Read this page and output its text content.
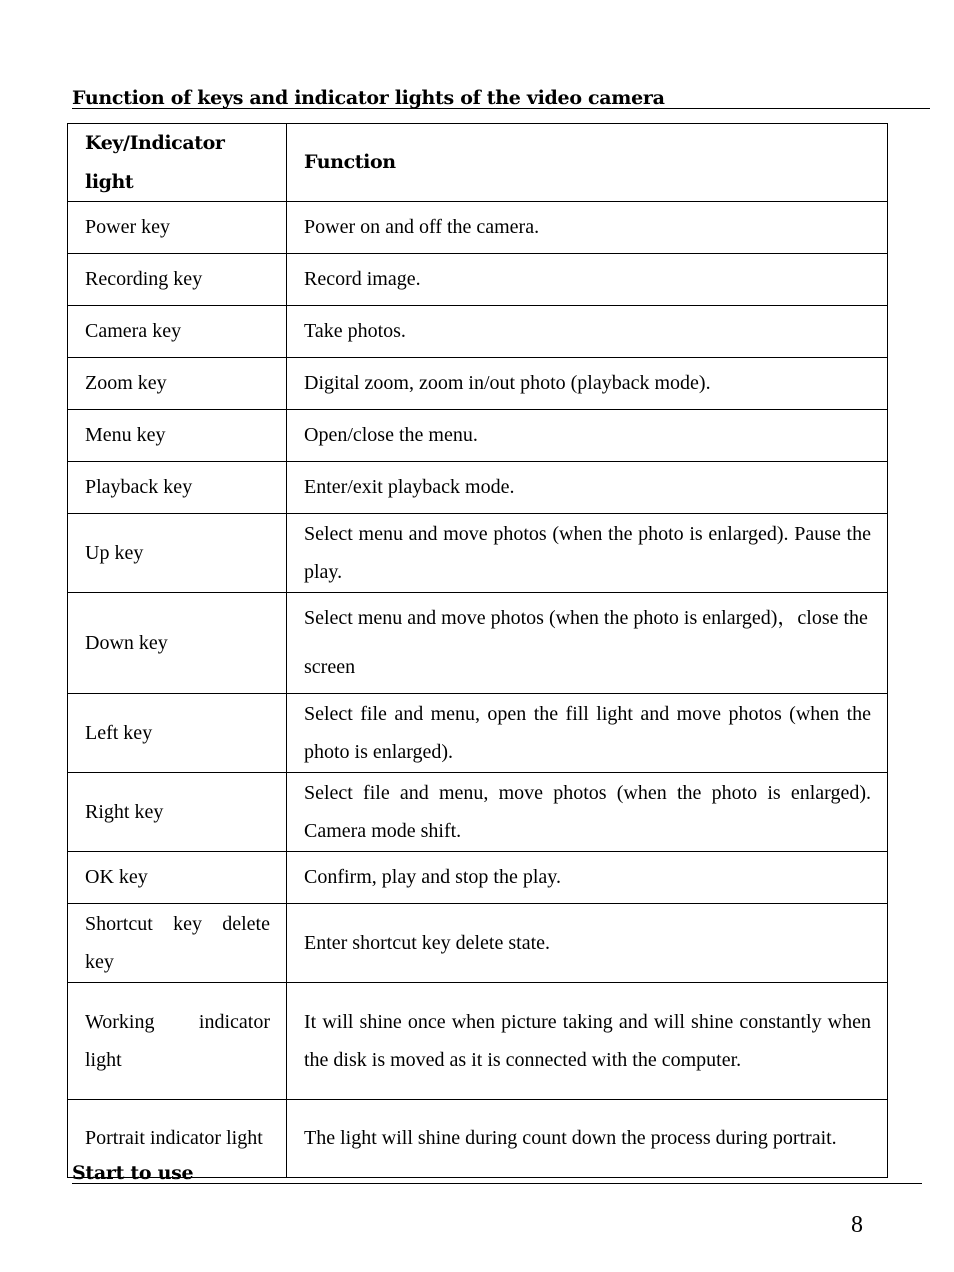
Function of keys and indicator lights of the video camera
Key/Indicator light	Function
Power key	Power on and off the camera.
Recording key	Record image.
Camera key	Take photos.
Zoom key	Digital zoom, zoom in/out photo (playback mode).
Menu key	Open/close the menu.
Playback key	Enter/exit playback mode.
Up key	Select menu and move photos (when the photo is enlarged). Pause the play.
Down key	Select menu and move photos (when the photo is enlarged)，close the screen
Left key	Select file and menu, open the fill light and move photos (when the photo is enlarged).
Right key	Select file and menu, move photos (when the photo is enlarged). Camera mode shift.
OK key	Confirm, play and stop the play.
Shortcut key delete key	Enter shortcut key delete state.
Working indicator light	It will shine once when picture taking and will shine constantly when the disk is moved as it is connected with the computer.
Portrait indicator light	The light will shine during count down the process during portrait.
Start to use
8
